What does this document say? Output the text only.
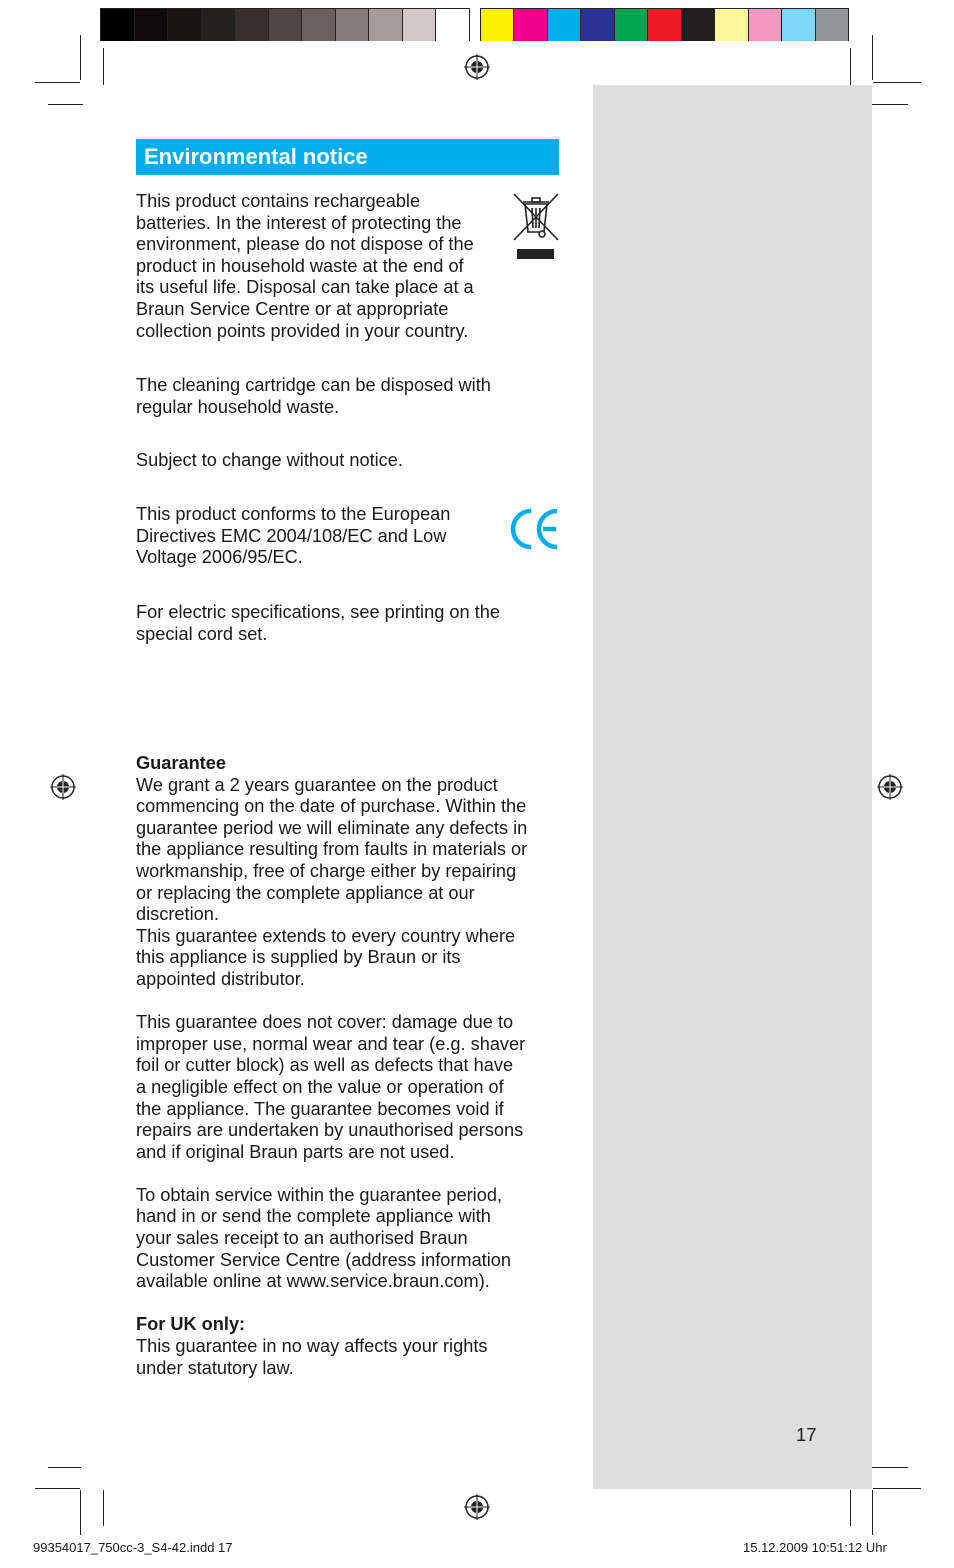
Environmental notice
This product contains rechargeable
batteries. In the interest of protecting the
environment, please do not dispose of the
product in household waste at the end of
its useful life. Disposal can take place at a
Braun Service Centre or at appropriate
collection points provided in your country.
The cleaning cartridge can be disposed with
regular household waste.
Subject to change without notice.
This product conforms to the European
Directives EMC 2004/108/EC and Low
Voltage 2006/95/EC.
For electric specifications, see printing on the
special cord set.
Guarantee
We grant a 2 years guarantee on the product
commencing on the date of purchase. Within the
guarantee period we will eliminate any defects in
the appliance resulting from faults in materials or
workmanship, free of charge either by repairing
or replacing the complete appliance at our
discretion.
This guarantee extends to every country where
this appliance is supplied by Braun or its
appointed distributor.
This guarantee does not cover: damage due to
improper use, normal wear and tear (e.g. shaver
foil or cutter block) as well as defects that have
a negligible effect on the value or operation of
the appliance. The guarantee becomes void if
repairs are undertaken by unauthorised persons
and if original Braun parts are not used.
To obtain service within the guarantee period,
hand in or send the complete appliance with
your sales receipt to an authorised Braun
Customer Service Centre (address information
available online at www.service.braun.com).
For UK only:
This guarantee in no way affects your rights
under statutory law.
17
99354017_750cc-3_S4-42.indd 17	15.12.2009 10:51:12 Uhr
